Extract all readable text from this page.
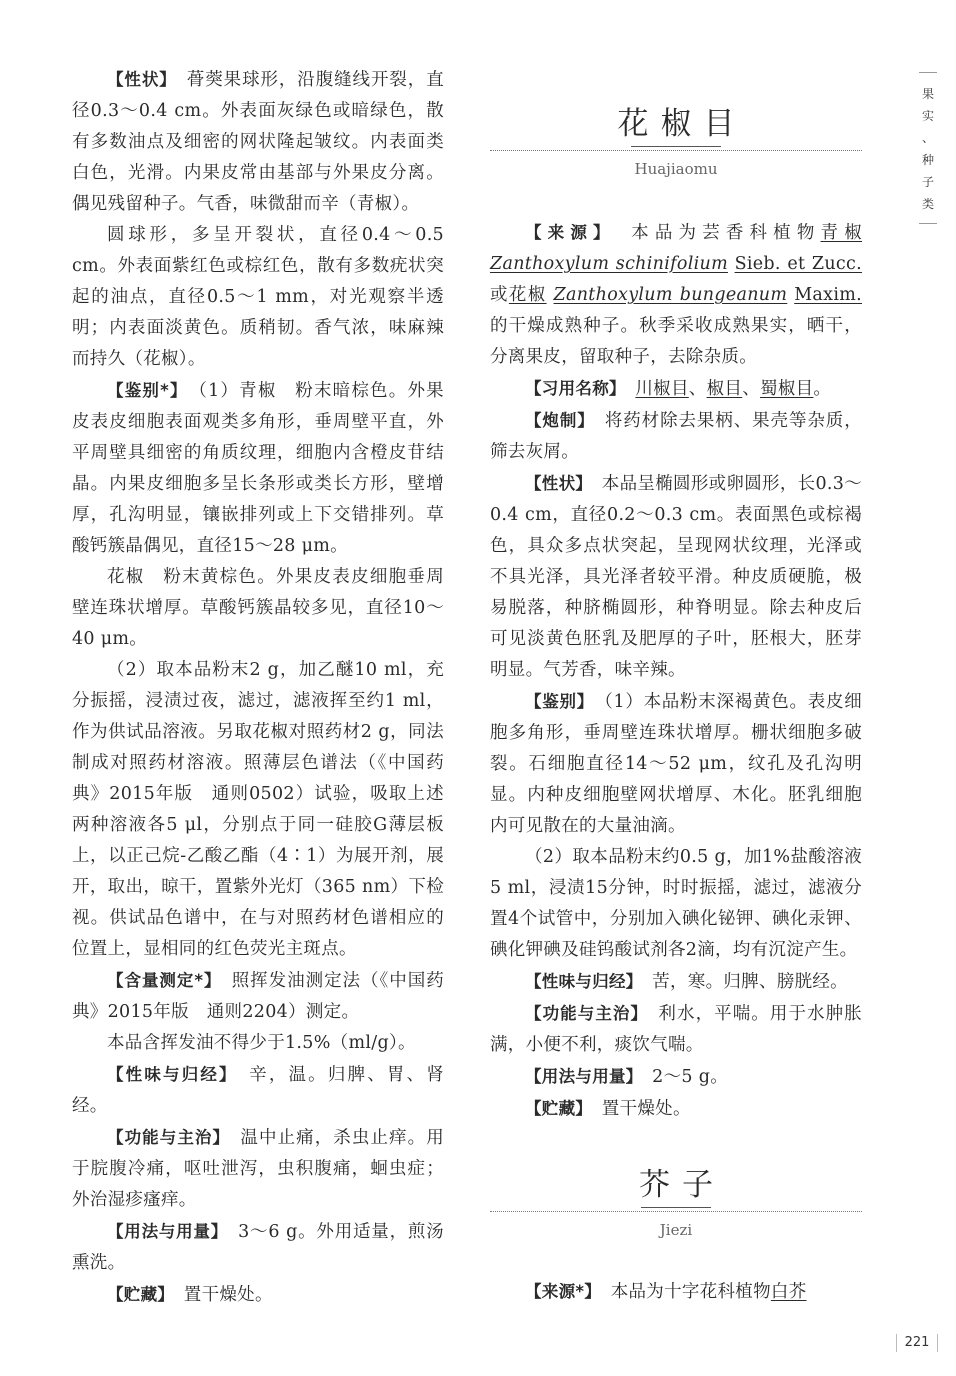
果
实
、
种
子
类

【性状】　 蓇葖果球形，沿腹缝线开裂，直径0.3～0.4 cm。外表面灰绿色或暗绿色，散有多数油点及细密的网状隆起皱纹。内表面类白色，光滑。内果皮常由基部与外果皮分离。偶见残留种子。气香，味微甜而辛（青椒）。

圆球形，多呈开裂状，直径0.4～0.5 cm。外表面紫红色或棕红色，散有多数疣状突起的油点，直径0.5～1 mm，对光观察半透明；内表面淡黄色。质稍韧。香气浓，味麻辣而持久（花椒）。

【鉴别*】　 （1）青椒　粉末暗棕色。外果皮表皮细胞表面观类多角形，垂周壁平直，外平周壁具细密的角质纹理，细胞内含橙皮苷结晶。内果皮细胞多呈长条形或类长方形，壁增厚，孔沟明显，镶嵌排列或上下交错排列。草酸钙簇晶偶见，直径15～28 μm。

花椒　粉末黄棕色。外果皮表皮细胞垂周壁连珠状增厚。草酸钙簇晶较多见，直径10～40 μm。

（2）取本品粉末2 g，加乙醚10 ml，充分振摇，浸渍过夜，滤过，滤液挥至约1 ml，作为供试品溶液。另取花椒对照药材2 g，同法制成对照药材溶液。照薄层色谱法（《中国药典》2015年版　通则0502）试验，吸取上述两种溶液各5 μl，分别点于同一硅胶G薄层板上，以正己烷-乙酸乙酯（4∶1）为展开剂，展开，取出，晾干，置紫外光灯（365 nm）下检视。供试品色谱中，在与对照药材色谱相应的位置上，显相同的红色荧光主斑点。

【含量测定*】　 照挥发油测定法（《中国药典》2015年版　通则2204）测定。

本品含挥发油不得少于1.5%（ml/g）。

【性味与归经】　 辛，温。归脾、胃、肾经。

【功能与主治】　 温中止痛，杀虫止痒。用于脘腹冷痛，呕吐泄泻，虫积腹痛，蛔虫症；外治湿疹瘙痒。

【用法与用量】　 3～6 g。外用适量，煎汤熏洗。

【贮藏】　 置干燥处。

花椒目
Huajiaomu

【来源】　 本品为芸香科植物青椒Zanthoxylum schinifolium Sieb. et Zucc.或花椒 Zanthoxylum bungeanum Maxim.的干燥成熟种子。秋季采收成熟果实，晒干，分离果皮，留取种子，去除杂质。

【习用名称】　 川椒目、椒目、蜀椒目。

【炮制】　 将药材除去果柄、果壳等杂质，筛去灰屑。

【性状】　 本品呈椭圆形或卵圆形，长0.3～0.4 cm，直径0.2～0.3 cm。表面黑色或棕褐色，具众多点状突起，呈现网状纹理，光泽或不具光泽，具光泽者较平滑。种皮质硬脆，极易脱落，种脐椭圆形，种脊明显。除去种皮后可见淡黄色胚乳及肥厚的子叶，胚根大，胚芽明显。气芳香，味辛辣。

【鉴别】　 （1）本品粉末深褐黄色。表皮细胞多角形，垂周壁连珠状增厚。栅状细胞多破裂。石细胞直径14～52 μm，纹孔及孔沟明显。内种皮细胞壁网状增厚、木化。胚乳细胞内可见散在的大量油滴。

（2）取本品粉末约0.5 g，加1%盐酸溶液5 ml，浸渍15分钟，时时振摇，滤过，滤液分置4个试管中，分别加入碘化铋钾、碘化汞钾、碘化钾碘及硅钨酸试剂各2滴，均有沉淀产生。

【性味与归经】　 苦，寒。归脾、膀胱经。

【功能与主治】　 利水，平喘。用于水肿胀满，小便不利，痰饮气喘。

【用法与用量】　 2～5 g。

【贮藏】　 置干燥处。

芥子
Jiezi

【来源*】　 本品为十字花科植物白芥

221
